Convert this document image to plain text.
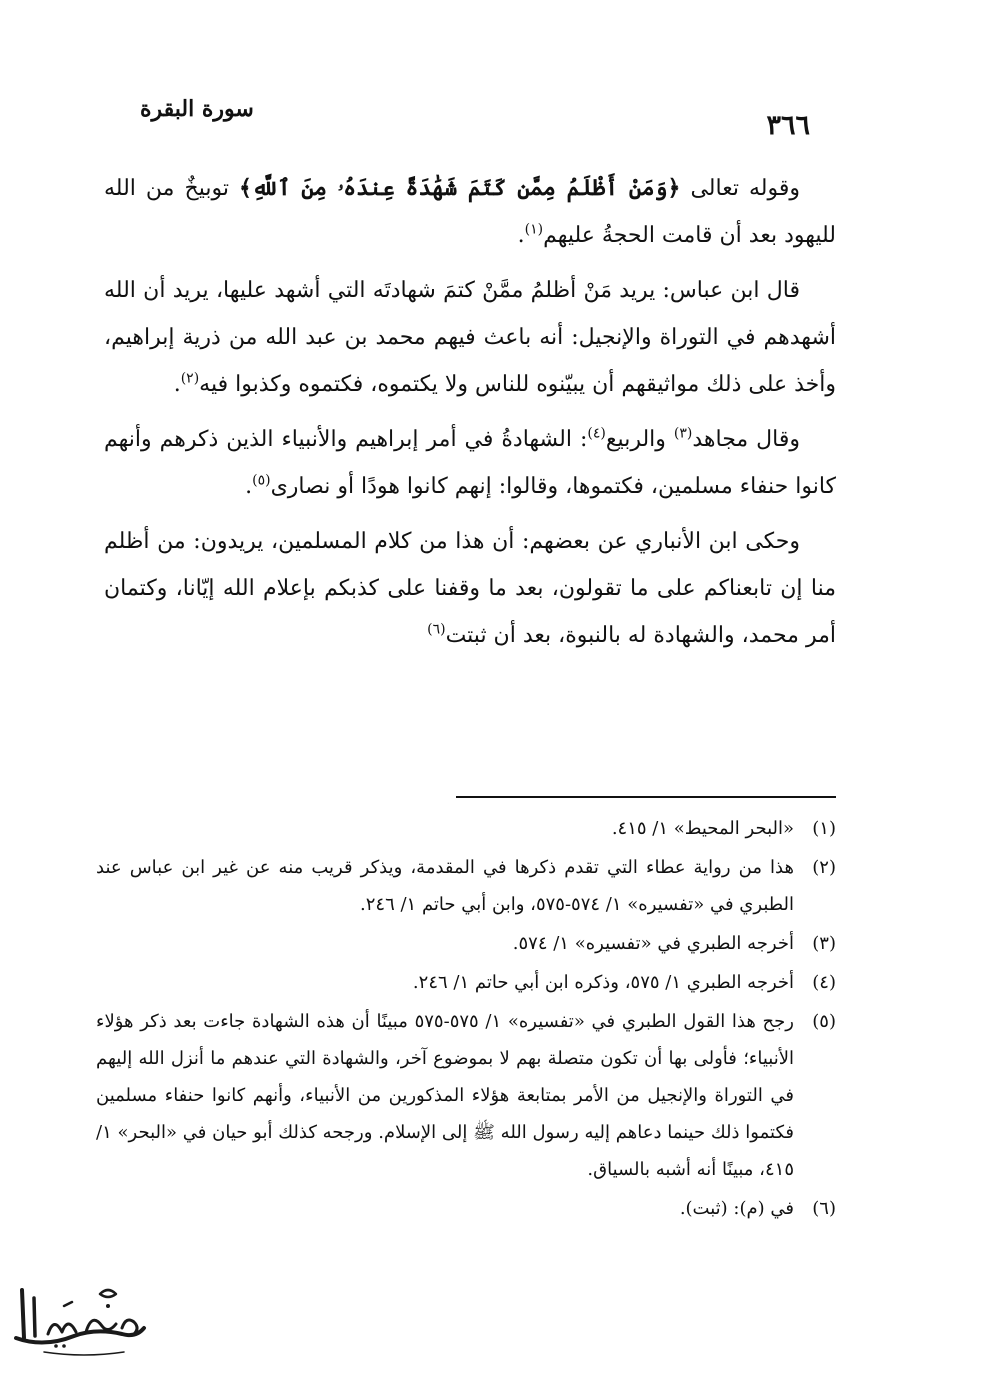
٣٦٦
سورة البقرة

وقوله تعالى ﴿وَمَنْ أَظْلَمُ مِمَّن كَتَمَ شَهَٰدَةً عِندَهُۥ مِنَ ٱللَّهِ﴾ توبيخٌ من الله لليهود بعد أن قامت الحجةُ عليهم$^{(١)}$.

قال ابن عباس: يريد مَنْ أظلمُ ممَّنْ كتمَ شهادتَه التي أشهد عليها، يريد أن الله أشهدهم في التوراة والإنجيل: أنه باعث فيهم محمد بن عبد الله من ذرية إبراهيم، وأخذ على ذلك مواثيقهم أن يبيّنوه للناس ولا يكتموه، فكتموه وكذبوا فيه$^{(٢)}$.

وقال مجاهد$^{(٣)}$ والربيع$^{(٤)}$: الشهادةُ في أمر إبراهيم والأنبياء الذين ذكرهم وأنهم كانوا حنفاء مسلمين، فكتموها، وقالوا: إنهم كانوا هودًا أو نصارى$^{(٥)}$.

وحكى ابن الأنباري عن بعضهم: أن هذا من كلام المسلمين، يريدون: من أظلم منا إن تابعناكم على ما تقولون، بعد ما وقفنا على كذبكم بإعلام الله إيّانا، وكتمان أمر محمد، والشهادة له بالنبوة، بعد أن ثبتت$^{(٦)}$

(١)
«البحر المحيط» ١/ ٤١٥.
(٢)
هذا من رواية عطاء التي تقدم ذكرها في المقدمة، ويذكر قريب منه عن غير ابن عباس عند الطبري في «تفسيره» ١/ ٥٧٤-٥٧٥، وابن أبي حاتم ١/ ٢٤٦.
(٣)
أخرجه الطبري في «تفسيره» ١/ ٥٧٤.
(٤)
أخرجه الطبري ١/ ٥٧٥، وذكره ابن أبي حاتم ١/ ٢٤٦.
(٥)
رجح هذا القول الطبري في «تفسيره» ١/ ٥٧٥-٥٧٥ مبينًا أن هذه الشهادة جاءت بعد ذكر هؤلاء الأنبياء؛ فأولى بها أن تكون متصلة بهم لا بموضوع آخر، والشهادة التي عندهم ما أنزل الله إليهم في التوراة والإنجيل من الأمر بمتابعة هؤلاء المذكورين من الأنبياء، وأنهم كانوا حنفاء مسلمين فكتموا ذلك حينما دعاهم إليه رسول الله ﷺ إلى الإسلام. ورجحه كذلك أبو حيان في «البحر» ١/ ٤١٥، مبينًا أنه أشبه بالسياق.
(٦)
في (م): (ثبت).
